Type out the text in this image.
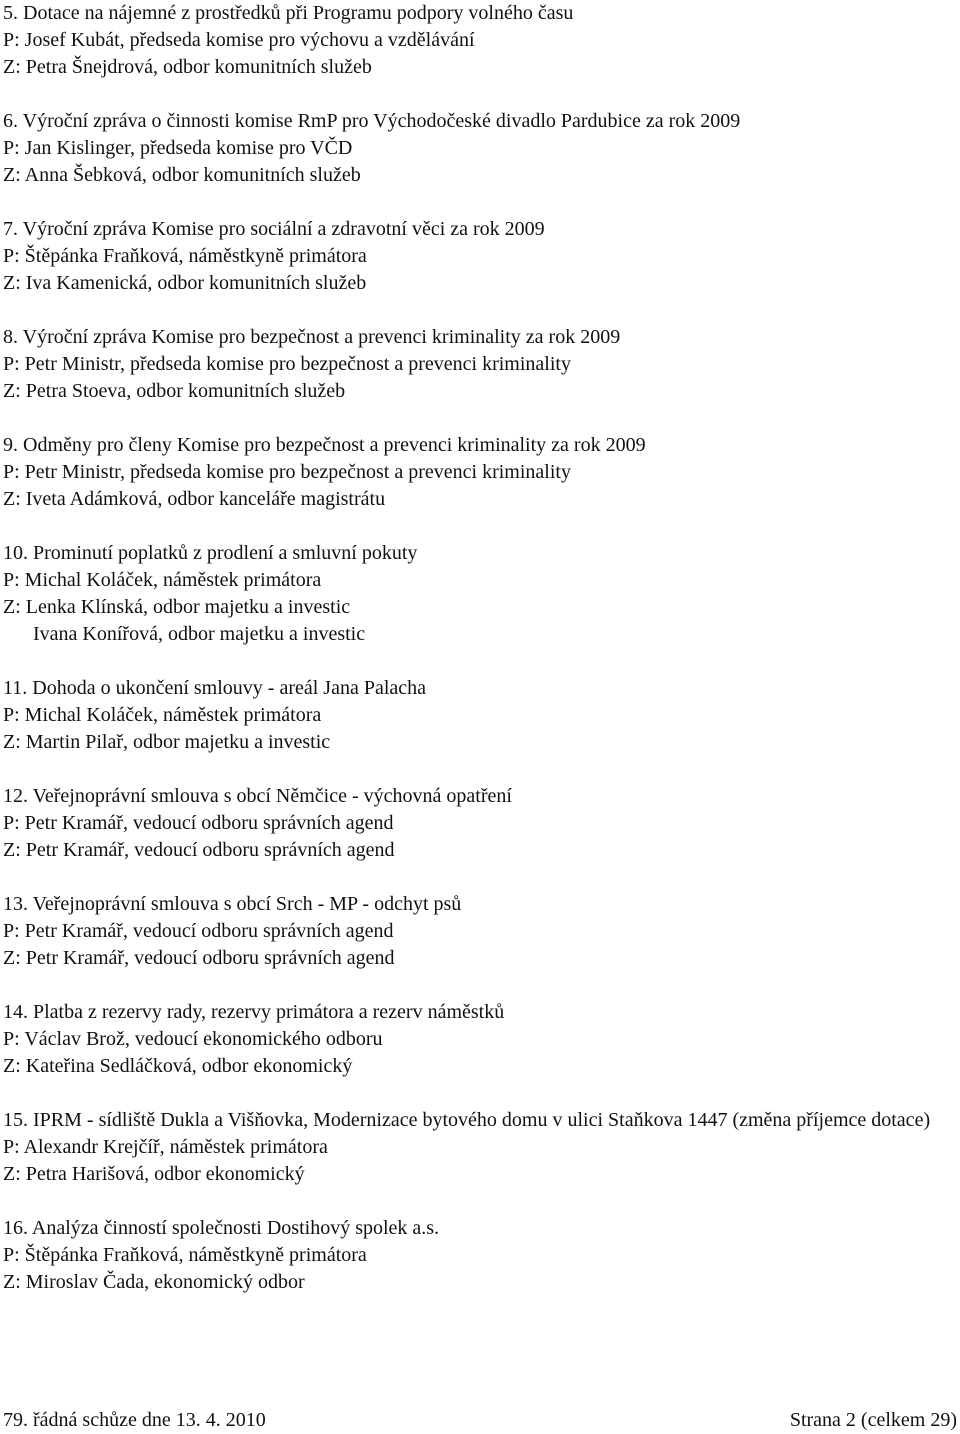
5. Dotace na nájemné z prostředků při Programu podpory volného času
P: Josef Kubát, předseda komise pro výchovu a vzdělávání
Z: Petra Šnejdrová, odbor komunitních služeb
6. Výroční zpráva o činnosti komise RmP pro Východočeské divadlo Pardubice za rok 2009
P: Jan Kislinger, předseda komise pro VČD
Z: Anna Šebková, odbor komunitních služeb
7. Výroční zpráva Komise pro sociální a zdravotní věci za rok 2009
P: Štěpánka Fraňková, náměstkyně primátora
Z: Iva Kamenická, odbor komunitních služeb
8. Výroční zpráva Komise pro bezpečnost a prevenci kriminality za rok 2009
P: Petr Ministr, předseda komise pro bezpečnost a prevenci kriminality
Z: Petra Stoeva, odbor komunitních služeb
9. Odměny pro členy Komise pro bezpečnost a prevenci kriminality za rok 2009
P: Petr Ministr, předseda komise pro bezpečnost a prevenci kriminality
Z: Iveta Adámková, odbor kanceláře magistrátu
10. Prominutí poplatků z prodlení a smluvní pokuty
P: Michal Koláček, náměstek primátora
Z: Lenka Klínská, odbor majetku a investic
Ivana Konířová, odbor majetku a investic
11. Dohoda o ukončení smlouvy - areál Jana Palacha
P: Michal Koláček, náměstek primátora
Z: Martin Pilař, odbor majetku a investic
12. Veřejnoprávní smlouva s obcí Němčice - výchovná opatření
P: Petr Kramář, vedoucí odboru správních agend
Z: Petr Kramář, vedoucí odboru správních agend
13. Veřejnoprávní smlouva s obcí Srch - MP - odchyt psů
P: Petr Kramář, vedoucí odboru správních agend
Z: Petr Kramář, vedoucí odboru správních agend
14. Platba z rezervy rady, rezervy primátora a rezerv náměstků
P: Václav Brož, vedoucí ekonomického odboru
Z: Kateřina Sedláčková, odbor ekonomický
15. IPRM - sídliště Dukla a Višňovka, Modernizace bytového domu v ulici Staňkova 1447 (změna příjemce dotace)
P: Alexandr Krejčíř, náměstek primátora
Z: Petra Harišová, odbor ekonomický
16. Analýza činností společnosti Dostihový spolek a.s.
P: Štěpánka Fraňková, náměstkyně primátora
Z: Miroslav Čada, ekonomický odbor
79. řádná schůze dne 13. 4. 2010	Strana 2 (celkem 29)
